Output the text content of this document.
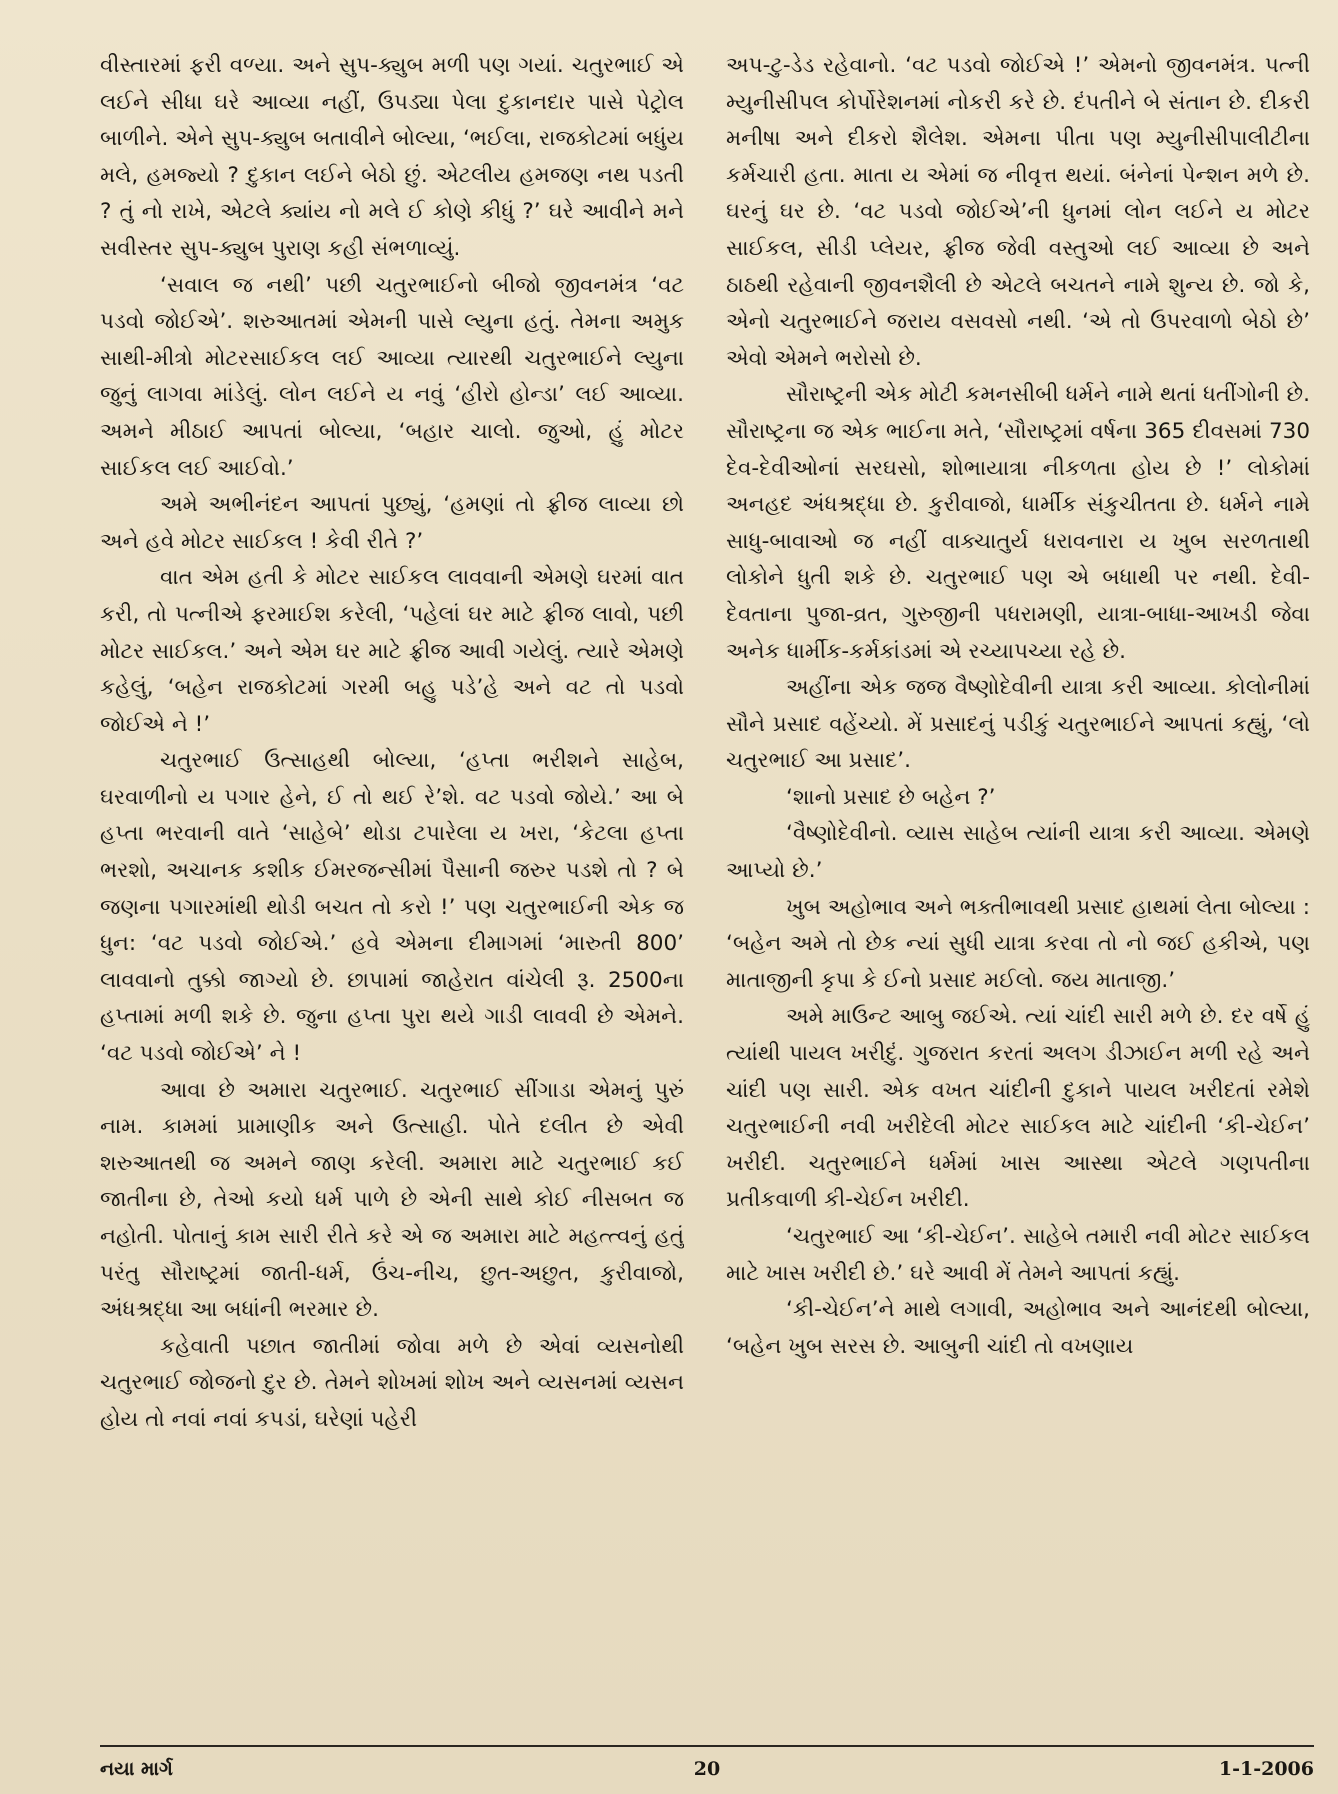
વીસ્તારમાં ફરી વળ્યા. અને સુપ-ક્યુબ મળી પણ ગયાં. ચતુરભાઈ એ લઈને સીધા ઘરે આવ્યા નહીં, ઉપડ્યા પેલા દુકાનદાર પાસે પેટ્રોલ બાળીને. એને સુપ-ક્યુબ બતાવીને બોલ્યા, ‘ભઈલા, રાજકોટમાં બધુંય મલે, હમજ્યો ? દુકાન લઈને બેઠો છું. એટલીય હમજણ નથ પડતી ? તું નો રાખે, એટલે ક્યાંય નો મલે ઈ કોણે કીધું ?’ ઘરે આવીને મને સવીસ્તર સુપ-ક્યુબ પુરાણ કહી સંભળાવ્યું.

‘સવાલ જ નથી’ પછી ચતુરભાઈનો બીજો જીવનમંત્ર ‘વટ પડવો જોઈએ’. શરુઆતમાં એમની પાસે લ્યુના હતું. તેમના અમુક સાથી-મીત્રો મોટરસાઈકલ લઈ આવ્યા ત્યારથી ચતુરભાઈને લ્યુના જુનું લાગવા માંડેલું. લોન લઈને ય નવું ‘હીરો હોન્ડા’ લઈ આવ્યા. અમને મીઠાઈ આપતાં બોલ્યા, ‘બહાર ચાલો. જુઓ, હું મોટર સાઈકલ લઈ આઈવો.’

અમે અભીનંદન આપતાં પુછ્યું, ‘હમણાં તો ફ્રીજ લાવ્યા છો અને હવે મોટર સાઈકલ ! કેવી રીતે ?’

વાત એમ હતી કે મોટર સાઈકલ લાવવાની એમણે ઘરમાં વાત કરી, તો પત્નીએ ફરમાઈશ કરેલી, ‘પહેલાં ઘર માટે ફ્રીજ લાવો, પછી મોટર સાઈકલ.’ અને એમ ઘર માટે ફ્રીજ આવી ગયેલું. ત્યારે એમણે કહેલું, ‘બહેન રાજકોટમાં ગરમી બહુ પડે’હે અને વટ તો પડવો જોઈએ ને !’

ચતુરભાઈ ઉત્સાહથી બોલ્યા, ‘હપ્તા ભરીશને સાહેબ, ઘરવાળીનો ય પગાર હેને, ઈ તો થઈ રે’શે. વટ પડવો જોયે.’ આ બે હપ્તા ભરવાની વાતે ‘સાહેબે’ થોડા ટપારેલા ય ખરા, ‘કેટલા હપ્તા ભરશો, અચાનક કશીક ઈમરજન્સીમાં પૈસાની જરુર પડશે તો ? બે જણના પગારમાંથી થોડી બચત તો કરો !’ પણ ચતુરભાઈની એક જ ધુન: ‘વટ પડવો જોઈએ.’ હવે એમના દીમાગમાં ‘મારુતી 800’ લાવવાનો તુક્કો જાગ્યો છે. છાપામાં જાહેરાત વાંચેલી રૂ. 2500ના હપ્તામાં મળી શકે છે. જુના હપ્તા પુરા થયે ગાડી લાવવી છે એમને. ‘વટ પડવો જોઈએ’ ને !

આવા છે અમારા ચતુરભાઈ. ચતુરભાઈ સીંગાડા એમનું પુરું નામ. કામમાં પ્રામાણીક અને ઉત્સાહી. પોતે દલીત છે એવી શરુઆતથી જ અમને જાણ કરેલી. અમારા માટે ચતુરભાઈ કઈ જાતીના છે, તેઓ કયો ધર્મ પાળે છે એની સાથે કોઈ નીસબત જ નહોતી. પોતાનું કામ સારી રીતે કરે એ જ અમારા માટે મહત્ત્વનું હતું પરંતુ સૌરાષ્ટ્રમાં જાતી-ધર્મ, ઉંચ-નીચ, છુત-અછુત, કુરીવાજો, અંધશ્રદ્ધા આ બધાંની ભરમાર છે.

કહેવાતી પછાત જાતીમાં જોવા મળે છે એવાં વ્યસનોથી ચતુરભાઈ જોજનો દુર છે. તેમને શોખમાં શોખ અને વ્યસનમાં વ્યસન હોય તો નવાં નવાં કપડાં, ઘરેણાં પહેરી

અપ-ટુ-ડેડ રહેવાનો. ‘વટ પડવો જોઈએ !’ એમનો જીવનમંત્ર. પત્ની મ્યુનીસીપલ કોર્પોરેશનમાં નોકરી કરે છે. દંપતીને બે સંતાન છે. દીકરી મનીષા અને દીકરો શૈલેશ. એમના પીતા પણ મ્યુનીસીપાલીટીના કર્મચારી હતા. માતા ય એમાં જ નીવૃત્ત થયાં. બંનેનાં પેન્શન મળે છે. ઘરનું ઘર છે. ‘વટ પડવો જોઈએ’ની ધુનમાં લોન લઈને ય મોટર સાઈકલ, સીડી પ્લેયર, ફ્રીજ જેવી વસ્તુઓ લઈ આવ્યા છે અને ઠાઠથી રહેવાની જીવનશૈલી છે એટલે બચતને નામે શુન્ય છે. જો કે, એનો ચતુરભાઈને જરાય વસવસો નથી. ‘એ તો ઉપરવાળો બેઠો છે’ એવો એમને ભરોસો છે.

સૌરાષ્ટ્રની એક મોટી કમનસીબી ધર્મને નામે થતાં ધતીંગોની છે. સૌરાષ્ટ્રના જ એક ભાઈના મતે, ‘સૌરાષ્ટ્રમાં વર્ષના 365 દીવસમાં 730 દેવ-દેવીઓનાં સરઘસો, શોભાયાત્રા નીકળતા હોય છે !’ લોકોમાં અનહદ અંધશ્રદ્ધા છે. કુરીવાજો, ધાર્મીક સંકુચીતતા છે. ધર્મને નામે સાધુ-બાવાઓ જ નહીં વાક્ચાતુર્ય ધરાવનારા ય ખુબ સરળતાથી લોકોને ધુતી શકે છે. ચતુરભાઈ પણ એ બધાથી પર નથી. દેવી-દેવતાના પુજા-વ્રત, ગુરુજીની પધરામણી, યાત્રા-બાધા-આખડી જેવા અનેક ધાર્મીક-કર્મકાંડમાં એ રચ્યાપચ્યા રહે છે.

અહીંના એક જજ વૈષ્ણોદેવીની યાત્રા કરી આવ્યા. કોલોનીમાં સૌને પ્રસાદ વહેંચ્યો. મેં પ્રસાદનું પડીકું ચતુરભાઈને આપતાં કહ્યું, ‘લો ચતુરભાઈ આ પ્રસાદ’.

‘શાનો પ્રસાદ છે બહેન ?’

‘વૈષ્ણોદેવીનો. વ્યાસ સાહેબ ત્યાંની યાત્રા કરી આવ્યા. એમણે આપ્યો છે.’

ખુબ અહોભાવ અને ભક્તીભાવથી પ્રસાદ હાથમાં લેતા બોલ્યા : ‘બહેન અમે તો છેક ન્યાં સુધી યાત્રા કરવા તો નો જઈ હકીએ, પણ માતાજીની કૃપા કે ઈનો પ્રસાદ મઈલો. જય માતાજી.’

અમે માઉન્ટ આબુ જઈએ. ત્યાં ચાંદી સારી મળે છે. દર વર્ષે હું ત્યાંથી પાયલ ખરીદું. ગુજરાત કરતાં અલગ ડીઝાઈન મળી રહે અને ચાંદી પણ સારી. એક વખત ચાંદીની દુકાને પાયલ ખરીદતાં રમેશે ચતુરભાઈની નવી ખરીદેલી મોટર સાઈકલ માટે ચાંદીની ‘કી-ચેઈન’ ખરીદી. ચતુરભાઈને ધર્મમાં ખાસ આસ્થા એટલે ગણપતીના પ્રતીકવાળી કી-ચેઈન ખરીદી.

‘ચતુરભાઈ આ ‘કી-ચેઈન’. સાહેબે તમારી નવી મોટર સાઈકલ માટે ખાસ ખરીદી છે.’ ઘરે આવી મેં તેમને આપતાં કહ્યું.

‘કી-ચેઈન’ને માથે લગાવી, અહોભાવ અને આનંદથી બોલ્યા, ‘બહેન ખુબ સરસ છે. આબુની ચાંદી તો વખણાય

નયા માર્ગ	20	1-1-2006
